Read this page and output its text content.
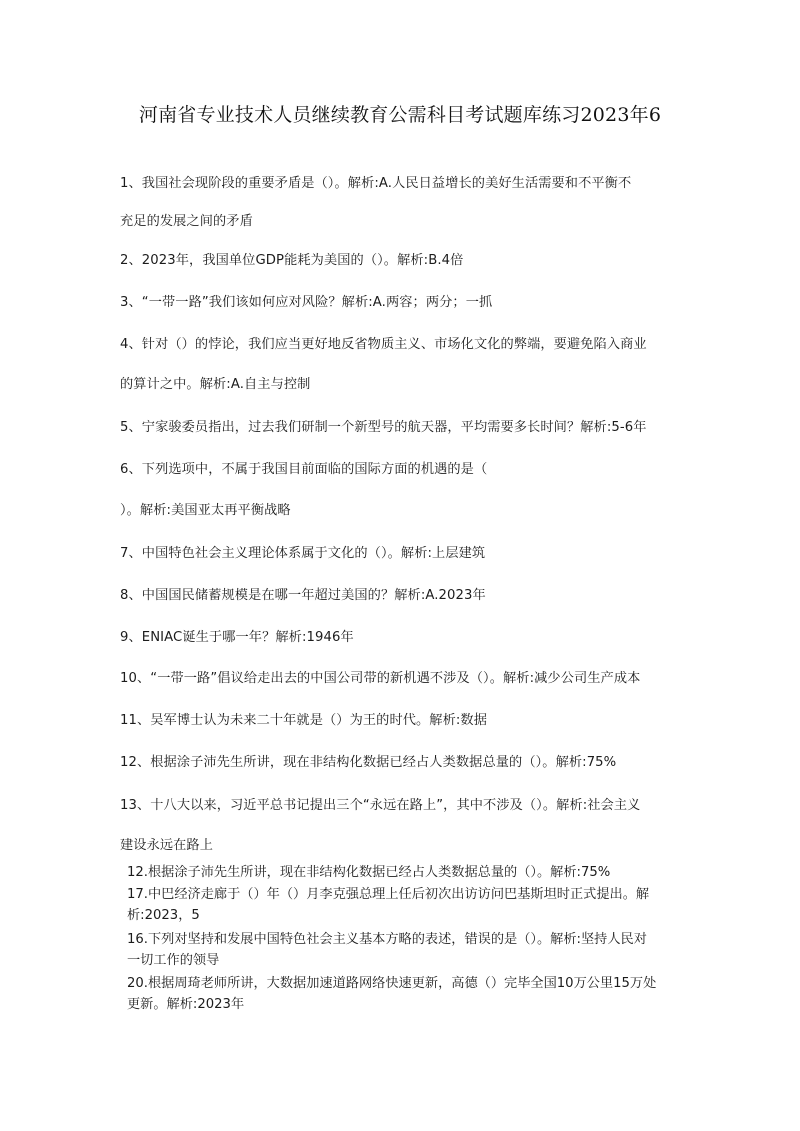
河南省专业技术人员继续教育公需科目考试题库练习2023年6
1、我国社会现阶段的重要矛盾是（）。解析:A.人民日益增长的美好生活需要和不平衡不
充足的发展之间的矛盾
2、2023年，我国单位GDP能耗为美国的（）。解析:B.4倍
3、“一带一路”我们该如何应对风险？解析:A.两容；两分；一抓
4、针对（）的悖论，我们应当更好地反省物质主义、市场化文化的弊端，要避免陷入商业
的算计之中。解析:A.自主与控制
5、宁家骏委员指出，过去我们研制一个新型号的航天器，平均需要多长时间？解析:5-6年
6、下列选项中，不属于我国目前面临的国际方面的机遇的是（
）。解析:美国亚太再平衡战略
7、中国特色社会主义理论体系属于文化的（）。解析:上层建筑
8、中国国民储蓄规模是在哪一年超过美国的？解析:A.2023年
9、ENIAC诞生于哪一年？解析:1946年
10、“一带一路”倡议给走出去的中国公司带的新机遇不涉及（）。解析:减少公司生产成本
11、吴军博士认为未来二十年就是（）为王的时代。解析:数据
12、根据涂子沛先生所讲，现在非结构化数据已经占人类数据总量的（）。解析:75%
13、十八大以来，习近平总书记提出三个“永远在路上”，其中不涉及（）。解析:社会主义
建设永远在路上
12.根据涂子沛先生所讲，现在非结构化数据已经占人类数据总量的（）。解析:75%
17.中巴经济走廊于（）年（）月李克强总理上任后初次出访访问巴基斯坦时正式提出。解
析:2023，5
16.下列对坚持和发展中国特色社会主义基本方略的表述，错误的是（）。解析:坚持人民对
一切工作的领导
20.根据周琦老师所讲，大数据加速道路网络快速更新，高德（）完毕全国10万公里15万处
更新。解析:2023年
